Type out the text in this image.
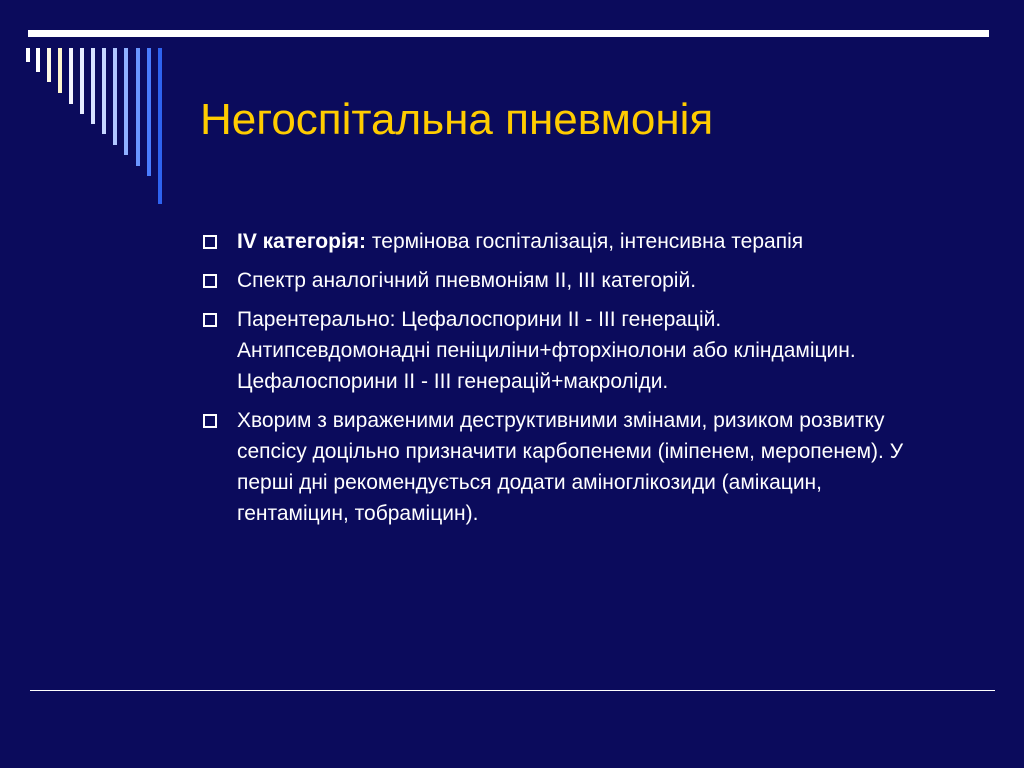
Негоспітальна пневмонія
IV категорія: термінова госпіталізація, інтенсивна терапія
Спектр аналогічний пневмоніям II, III категорій.
Парентерально: Цефалоспорини II - III генерацій. Антипсевдомонадні пеніциліни+фторхінолони або кліндаміцин. Цефалоспорини II - III генерацій+макроліди.
Хворим з вираженими деструктивними змінами, ризиком розвитку сепсісу доцільно призначити карбопенеми (іміпенем, меропенем). У перші дні рекомендується додати аміноглікозиди (амікацин, гентаміцин, тобраміцин).
